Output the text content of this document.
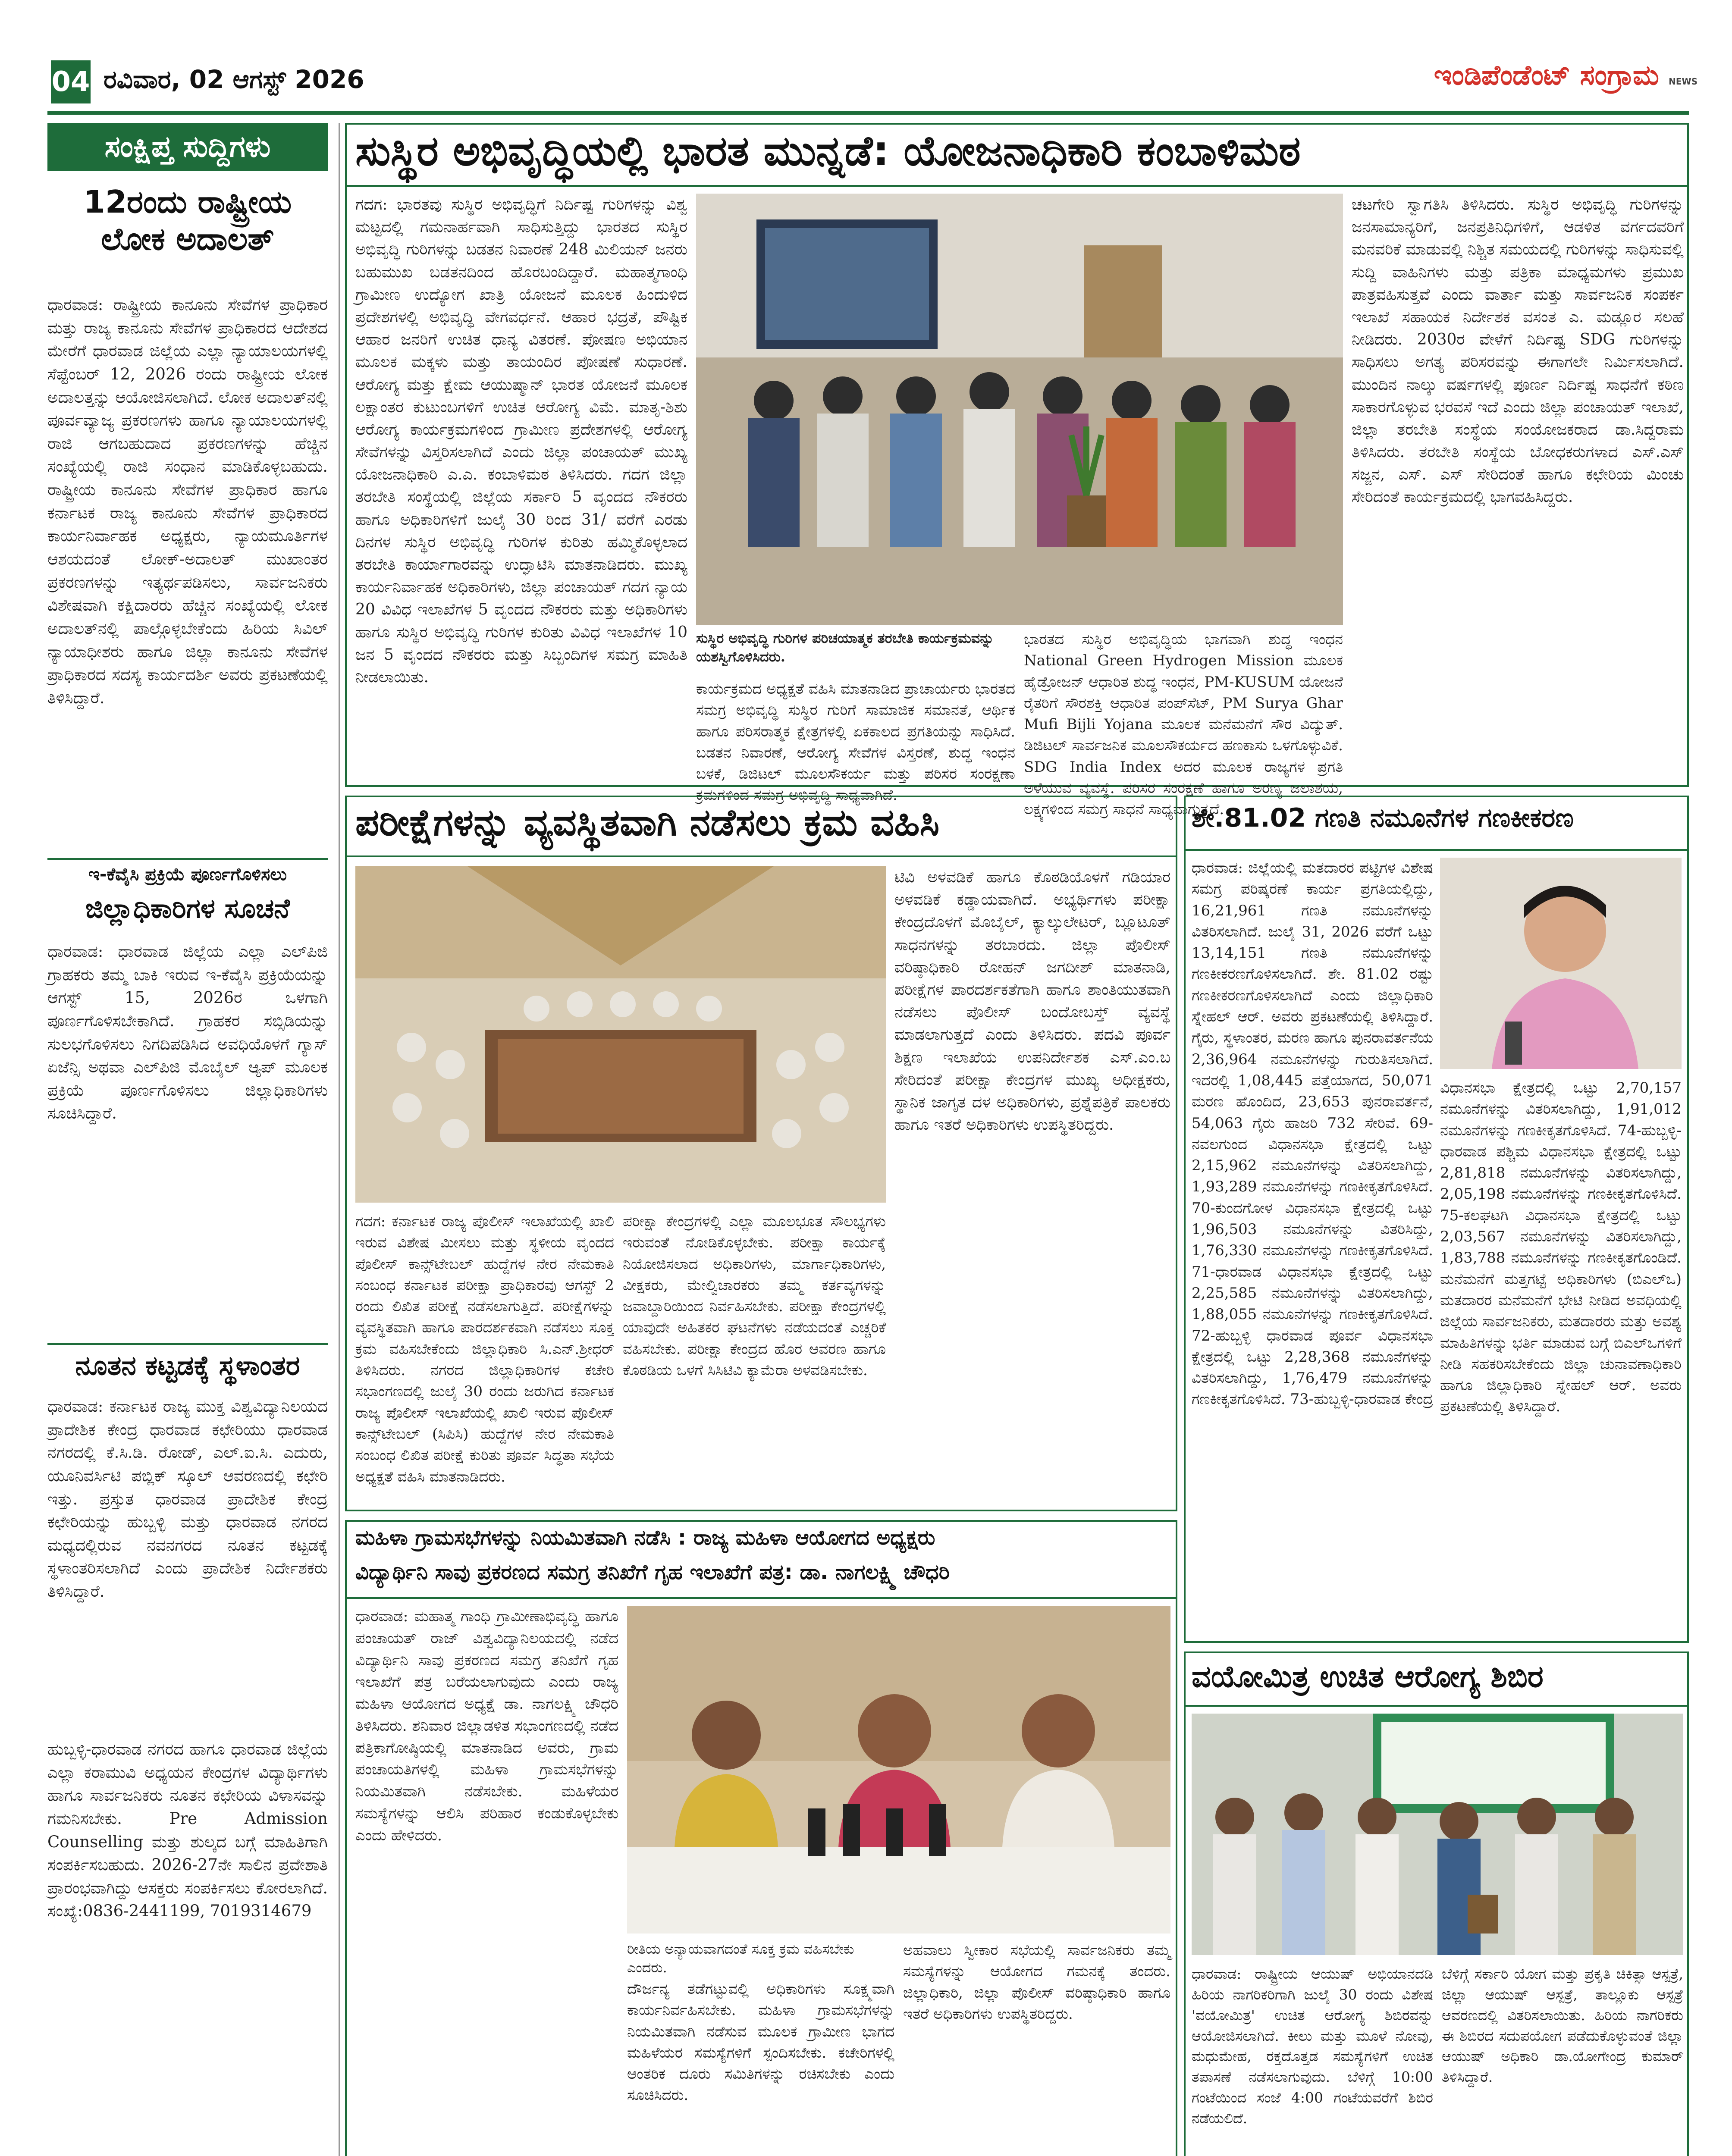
04 ರವಿವಾರ, 02 ಆಗಸ್ಟ್ 2026	ಇಂಡಿಪೆಂಡೆಂಟ್ ಸಂಗ್ರಾಮ NEWS
ಸಂಕ್ಷಿಪ್ತ ಸುದ್ದಿಗಳು
12ರಂದು ರಾಷ್ಟ್ರೀಯ ಲೋಕ ಅದಾಲತ್
ಧಾರವಾಡ: ರಾಷ್ಟ್ರೀಯ ಕಾನೂನು ಸೇವೆಗಳ ಪ್ರಾಧಿಕಾರ ಮತ್ತು ರಾಜ್ಯ ಕಾನೂನು ಸೇವೆಗಳ ಪ್ರಾಧಿಕಾರದ ಆದೇಶದ ಮೇರೆಗೆ ಧಾರವಾಡ ಜಿಲ್ಲೆಯ ಎಲ್ಲಾ ನ್ಯಾಯಾಲಯಗಳಲ್ಲಿ ಸೆಪ್ಟೆಂಬರ್ 12, 2026 ರಂದು ರಾಷ್ಟ್ರೀಯ ಲೋಕ ಅದಾಲತ್ತನ್ನು ಆಯೋಜಿಸಲಾಗಿದೆ. ಲೋಕ ಅದಾಲತ್‌ನಲ್ಲಿ ಪೂರ್ವವ್ಯಾಜ್ಯ ಪ್ರಕರಣಗಳು ಹಾಗೂ ನ್ಯಾಯಾಲಯಗಳಲ್ಲಿ ರಾಜಿ ಆಗಬಹುದಾದ ಪ್ರಕರಣಗಳನ್ನು ಹೆಚ್ಚಿನ ಸಂಖ್ಯೆಯಲ್ಲಿ ರಾಜಿ ಸಂಧಾನ ಮಾಡಿಕೊಳ್ಳಬಹುದು. ರಾಷ್ಟ್ರೀಯ ಕಾನೂನು ಸೇವೆಗಳ ಪ್ರಾಧಿಕಾರ ಹಾಗೂ ಕರ್ನಾಟಕ ರಾಜ್ಯ ಕಾನೂನು ಸೇವೆಗಳ ಪ್ರಾಧಿಕಾರದ ಕಾರ್ಯನಿರ್ವಾಹಕ ಅಧ್ಯಕ್ಷರು, ನ್ಯಾಯಮೂರ್ತಿಗಳ ಆಶಯದಂತೆ ಲೋಕ್-ಅದಾಲತ್ ಮುಖಾಂತರ ಪ್ರಕರಣಗಳನ್ನು ಇತ್ಯರ್ಥಪಡಿಸಲು, ಸಾರ್ವಜನಿಕರು ವಿಶೇಷವಾಗಿ ಕಕ್ಷಿದಾರರು ಹೆಚ್ಚಿನ ಸಂಖ್ಯೆಯಲ್ಲಿ ಲೋಕ ಅದಾಲತ್‌ನಲ್ಲಿ ಪಾಲ್ಗೊಳ್ಳಬೇಕೆಂದು ಹಿರಿಯ ಸಿವಿಲ್ ನ್ಯಾಯಾಧೀಶರು ಹಾಗೂ ಜಿಲ್ಲಾ ಕಾನೂನು ಸೇವೆಗಳ ಪ್ರಾಧಿಕಾರದ ಸದಸ್ಯ ಕಾರ್ಯದರ್ಶಿ ಅವರು ಪ್ರಕಟಣೆಯಲ್ಲಿ ತಿಳಿಸಿದ್ದಾರೆ.
ಇ-ಕೆವೈಸಿ ಪ್ರಕ್ರಿಯೆ ಪೂರ್ಣಗೊಳಿಸಲು
ಜಿಲ್ಲಾಧಿಕಾರಿಗಳ ಸೂಚನೆ
ಧಾರವಾಡ: ಧಾರವಾಡ ಜಿಲ್ಲೆಯ ಎಲ್ಲಾ ಎಲ್‌ಪಿಜಿ ಗ್ರಾಹಕರು ತಮ್ಮ ಬಾಕಿ ಇರುವ ಇ-ಕೆವೈಸಿ ಪ್ರಕ್ರಿಯೆಯನ್ನು ಆಗಸ್ಟ್ 15, 2026ರ ಒಳಗಾಗಿ ಪೂರ್ಣಗೊಳಿಸಬೇಕಾಗಿದೆ. ಗ್ರಾಹಕರ ಸಬ್ಸಿಡಿಯನ್ನು ಸುಲಭಗೊಳಿಸಲು ನಿಗದಿಪಡಿಸಿದ ಅವಧಿಯೊಳಗೆ ಗ್ಯಾಸ್ ಏಜೆನ್ಸಿ ಅಥವಾ ಎಲ್‌ಪಿಜಿ ಮೊಬೈಲ್ ಆ್ಯಪ್ ಮೂಲಕ ಪ್ರಕ್ರಿಯೆ ಪೂರ್ಣಗೊಳಿಸಲು ಜಿಲ್ಲಾಧಿಕಾರಿಗಳು ಸೂಚಿಸಿದ್ದಾರೆ.
ನೂತನ ಕಟ್ಟಡಕ್ಕೆ ಸ್ಥಳಾಂತರ
ಧಾರವಾಡ: ಕರ್ನಾಟಕ ರಾಜ್ಯ ಮುಕ್ತ ವಿಶ್ವವಿದ್ಯಾನಿಲಯದ ಪ್ರಾದೇಶಿಕ ಕೇಂದ್ರ ಧಾರವಾಡ ಕಛೇರಿಯು ಧಾರವಾಡ ನಗರದಲ್ಲಿ ಕೆ.ಸಿ.ಡಿ. ರೋಡ್, ಎಲ್.ಐ.ಸಿ. ಎದುರು, ಯೂನಿವರ್ಸಿಟಿ ಪಬ್ಲಿಕ್ ಸ್ಕೂಲ್ ಆವರಣದಲ್ಲಿ ಕಛೇರಿ ಇತ್ತು. ಪ್ರಸ್ತುತ ಧಾರವಾಡ ಪ್ರಾದೇಶಿಕ ಕೇಂದ್ರ ಕಛೇರಿಯನ್ನು ಹುಬ್ಬಳ್ಳಿ ಮತ್ತು ಧಾರವಾಡ ನಗರದ ಮಧ್ಯದಲ್ಲಿರುವ ನವನಗರದ ನೂತನ ಕಟ್ಟಡಕ್ಕೆ ಸ್ಥಳಾಂತರಿಸಲಾಗಿದೆ ಎಂದು ಪ್ರಾದೇಶಿಕ ನಿರ್ದೇಶಕರು ತಿಳಿಸಿದ್ದಾರೆ.
ಹುಬ್ಬಳ್ಳಿ-ಧಾರವಾಡ ನಗರದ ಹಾಗೂ ಧಾರವಾಡ ಜಿಲ್ಲೆಯ ಎಲ್ಲಾ ಕರಾಮುವಿ ಅಧ್ಯಯನ ಕೇಂದ್ರಗಳ ವಿದ್ಯಾರ್ಥಿಗಳು ಹಾಗೂ ಸಾರ್ವಜನಿಕರು ನೂತನ ಕಛೇರಿಯ ವಿಳಾಸವನ್ನು ಗಮನಿಸಬೇಕು. Pre Admission Counselling ಮತ್ತು ಶುಲ್ಕದ ಬಗ್ಗೆ ಮಾಹಿತಿಗಾಗಿ ಸಂಪರ್ಕಿಸಬಹುದು. 2026-27ನೇ ಸಾಲಿನ ಪ್ರವೇಶಾತಿ ಪ್ರಾರಂಭವಾಗಿದ್ದು ಆಸಕ್ತರು ಸಂಪರ್ಕಿಸಲು ಕೋರಲಾಗಿದೆ. ಸಂಖ್ಯೆ:0836-2441199, 7019314679
ಸುಸ್ಥಿರ ಅಭಿವೃದ್ಧಿಯಲ್ಲಿ ಭಾರತ ಮುನ್ನಡೆ: ಯೋಜನಾಧಿಕಾರಿ ಕಂಬಾಳಿಮಠ
ಗದಗ: ಭಾರತವು ಸುಸ್ಥಿರ ಅಭಿವೃದ್ಧಿಗೆ ನಿರ್ದಿಷ್ಟ ಗುರಿಗಳನ್ನು ವಿಶ್ವ ಮಟ್ಟದಲ್ಲಿ ಗಮನಾರ್ಹವಾಗಿ ಸಾಧಿಸುತ್ತಿದ್ದು ಭಾರತದ ಸುಸ್ಥಿರ ಅಭಿವೃದ್ಧಿ ಗುರಿಗಳನ್ನು ಬಡತನ ನಿವಾರಣೆ 248 ಮಿಲಿಯನ್ ಜನರು ಬಹುಮುಖ ಬಡತನದಿಂದ ಹೊರಬಂದಿದ್ದಾರೆ. ಮಹಾತ್ಮಗಾಂಧಿ ಗ್ರಾಮೀಣ ಉದ್ಯೋಗ ಖಾತ್ರಿ ಯೋಜನೆ ಮೂಲಕ ಹಿಂದುಳಿದ ಪ್ರದೇಶಗಳಲ್ಲಿ ಅಭಿವೃದ್ಧಿ ವೇಗವರ್ಧನೆ. ಆಹಾರ ಭದ್ರತೆ, ಪೌಷ್ಟಿಕ ಆಹಾರ ಜನರಿಗೆ ಉಚಿತ ಧಾನ್ಯ ವಿತರಣೆ. ಪೋಷಣ ಅಭಿಯಾನ ಮೂಲಕ ಮಕ್ಕಳು ಮತ್ತು ತಾಯಂದಿರ ಪೋಷಣೆ ಸುಧಾರಣೆ. ಆರೋಗ್ಯ ಮತ್ತು ಕ್ಷೇಮ ಆಯುಷ್ಮಾನ್ ಭಾರತ ಯೋಜನೆ ಮೂಲಕ ಲಕ್ಷಾಂತರ ಕುಟುಂಬಗಳಿಗೆ ಉಚಿತ ಆರೋಗ್ಯ ವಿಮೆ. ಮಾತೃ-ಶಿಶು ಆರೋಗ್ಯ ಕಾರ್ಯಕ್ರಮಗಳಿಂದ ಗ್ರಾಮೀಣ ಪ್ರದೇಶಗಳಲ್ಲಿ ಆರೋಗ್ಯ ಸೇವೆಗಳನ್ನು ವಿಸ್ತರಿಸಲಾಗಿದೆ ಎಂದು ಜಿಲ್ಲಾ ಪಂಚಾಯತ್ ಮುಖ್ಯ ಯೋಜನಾಧಿಕಾರಿ ಎ.ಎ. ಕಂಬಾಳಿಮಠ ತಿಳಿಸಿದರು. ಗದಗ ಜಿಲ್ಲಾ ತರಬೇತಿ ಸಂಸ್ಥೆಯಲ್ಲಿ ಜಿಲ್ಲೆಯ ಸರ್ಕಾರಿ 5 ವೃಂದದ ನೌಕರರು ಹಾಗೂ ಅಧಿಕಾರಿಗಳಿಗೆ ಜುಲೈ 30 ರಿಂದ 31/ ವರೆಗೆ ಎರಡು ದಿನಗಳ ಸುಸ್ಥಿರ ಅಭಿವೃದ್ಧಿ ಗುರಿಗಳ ಕುರಿತು ಹಮ್ಮಿಕೊಳ್ಳಲಾದ ತರಬೇತಿ ಕಾರ್ಯಾಗಾರವನ್ನು ಉದ್ಘಾಟಿಸಿ ಮಾತನಾಡಿದರು. ಮುಖ್ಯ ಕಾರ್ಯನಿರ್ವಾಹಕ ಅಧಿಕಾರಿಗಳು, ಜಿಲ್ಲಾ ಪಂಚಾಯತ್ ಗದಗ ನ್ಯಾಯ 20 ವಿವಿಧ ಇಲಾಖೆಗಳ 5 ವೃಂದದ ನೌಕರರು ಮತ್ತು ಅಧಿಕಾರಿಗಳು ಹಾಗೂ ಸುಸ್ಥಿರ ಅಭಿವೃದ್ಧಿ ಗುರಿಗಳ ಕುರಿತು ವಿವಿಧ ಇಲಾಖೆಗಳ 10 ಜನ 5 ವೃಂದದ ನೌಕರರು ಮತ್ತು ಸಿಬ್ಬಂದಿಗಳ ಸಮಗ್ರ ಮಾಹಿತಿ ನೀಡಲಾಯಿತು.
ಸುಸ್ಥಿರ ಅಭಿವೃದ್ಧಿ ಗುರಿಗಳ ಪರಿಚಯಾತ್ಮಕ ತರಬೇತಿ ಕಾರ್ಯಕ್ರಮವನ್ನು ಯಶಸ್ವಿಗೊಳಿಸಿದರು.
ಕಾರ್ಯಕ್ರಮದ ಅಧ್ಯಕ್ಷತೆ ವಹಿಸಿ ಮಾತನಾಡಿದ ಪ್ರಾಚಾರ್ಯರು ಭಾರತದ ಸಮಗ್ರ ಅಭಿವೃದ್ಧಿ ಸುಸ್ಥಿರ ಗುರಿಗೆ ಸಾಮಾಜಿಕ ಸಮಾನತೆ, ಆರ್ಥಿಕ ಹಾಗೂ ಪರಿಸರಾತ್ಮಕ ಕ್ಷೇತ್ರಗಳಲ್ಲಿ ಏಕಕಾಲದ ಪ್ರಗತಿಯನ್ನು ಸಾಧಿಸಿದೆ. ಬಡತನ ನಿವಾರಣೆ, ಆರೋಗ್ಯ ಸೇವೆಗಳ ವಿಸ್ತರಣೆ, ಶುದ್ಧ ಇಂಧನ ಬಳಕೆ, ಡಿಜಿಟಲ್ ಮೂಲಸೌಕರ್ಯ ಮತ್ತು ಪರಿಸರ ಸಂರಕ್ಷಣಾ ಕ್ರಮಗಳಿಂದ ಸಮಗ್ರ ಅಭಿವೃದ್ಧಿ ಸಾಧ್ಯವಾಗಿದೆ.
ಭಾರತದ ಸುಸ್ಥಿರ ಅಭಿವೃದ್ಧಿಯ ಭಾಗವಾಗಿ ಶುದ್ಧ ಇಂಧನ National Green Hydrogen Mission ಮೂಲಕ ಹೈಡ್ರೋಜನ್ ಆಧಾರಿತ ಶುದ್ಧ ಇಂಧನ, PM-KUSUM ಯೋಜನೆ ರೈತರಿಗೆ ಸೌರಶಕ್ತಿ ಆಧಾರಿತ ಪಂಪ್‌ಸೆಟ್, PM Surya Ghar Mufi Bijli Yojana ಮೂಲಕ ಮನೆಮನೆಗೆ ಸೌರ ವಿದ್ಯುತ್. ಡಿಜಿಟಲ್ ಸಾರ್ವಜನಿಕ ಮೂಲಸೌಕರ್ಯದ ಹಣಕಾಸು ಒಳಗೊಳ್ಳುವಿಕೆ. SDG India Index ಅದರ ಮೂಲಕ ರಾಜ್ಯಗಳ ಪ್ರಗತಿ ಅಳೆಯುವ ವ್ಯವಸ್ಥೆ. ಪರಿಸರ ಸಂರಕ್ಷಣೆ ಹಾಗೂ ಅರಣ್ಯ ಜಲಾಶಯ, ಲಕ್ಷ್ಯಗಳಿಂದ ಸಮಗ್ರ ಸಾಧನೆ ಸಾಧ್ಯವಾಗುತ್ತದೆ.
ಚಟಗೇರಿ ಸ್ವಾಗತಿಸಿ ತಿಳಿಸಿದರು. ಸುಸ್ಥಿರ ಅಭಿವೃದ್ಧಿ ಗುರಿಗಳನ್ನು ಜನಸಾಮಾನ್ಯರಿಗೆ, ಜನಪ್ರತಿನಿಧಿಗಳಿಗೆ, ಆಡಳಿತ ವರ್ಗದವರಿಗೆ ಮನವರಿಕೆ ಮಾಡುವಲ್ಲಿ ನಿಶ್ಚಿತ ಸಮಯದಲ್ಲಿ ಗುರಿಗಳನ್ನು ಸಾಧಿಸುವಲ್ಲಿ ಸುದ್ದಿ ವಾಹಿನಿಗಳು ಮತ್ತು ಪತ್ರಿಕಾ ಮಾಧ್ಯಮಗಳು ಪ್ರಮುಖ ಪಾತ್ರವಹಿಸುತ್ತವೆ ಎಂದು ವಾರ್ತಾ ಮತ್ತು ಸಾರ್ವಜನಿಕ ಸಂಪರ್ಕ ಇಲಾಖೆ ಸಹಾಯಕ ನಿರ್ದೇಶಕ ವಸಂತ ಎ. ಮಡ್ಲೂರ ಸಲಹೆ ನೀಡಿದರು. 2030ರ ವೇಳೆಗೆ ನಿರ್ದಿಷ್ಟ SDG ಗುರಿಗಳನ್ನು ಸಾಧಿಸಲು ಅಗತ್ಯ ಪರಿಸರವನ್ನು ಈಗಾಗಲೇ ನಿರ್ಮಿಸಲಾಗಿದೆ. ಮುಂದಿನ ನಾಲ್ಕು ವರ್ಷಗಳಲ್ಲಿ ಪೂರ್ಣ ನಿರ್ದಿಷ್ಟ ಸಾಧನೆಗೆ ಕಠಿಣ ಸಾಕಾರಗೊಳ್ಳುವ ಭರವಸೆ ಇದೆ ಎಂದು ಜಿಲ್ಲಾ ಪಂಚಾಯತ್ ಇಲಾಖೆ, ಜಿಲ್ಲಾ ತರಬೇತಿ ಸಂಸ್ಥೆಯ ಸಂಯೋಜಕರಾದ ಡಾ.ಸಿದ್ದರಾಮ ತಿಳಿಸಿದರು. ತರಬೇತಿ ಸಂಸ್ಥೆಯ ಬೋಧಕರುಗಳಾದ ಎಸ್.ಎಸ್ ಸಜ್ಜನ, ಎಸ್. ಎಸ್ ಸೇರಿದಂತೆ ಹಾಗೂ ಕಛೇರಿಯ ಮಿಂಚು ಸೇರಿದಂತೆ ಕಾರ್ಯಕ್ರಮದಲ್ಲಿ ಭಾಗವಹಿಸಿದ್ದರು.
ಪರೀಕ್ಷೆಗಳನ್ನು ವ್ಯವಸ್ಥಿತವಾಗಿ ನಡೆಸಲು ಕ್ರಮ ವಹಿಸಿ
ಗದಗ: ಕರ್ನಾಟಕ ರಾಜ್ಯ ಪೊಲೀಸ್ ಇಲಾಖೆಯಲ್ಲಿ ಖಾಲಿ ಇರುವ ವಿಶೇಷ ಮೀಸಲು ಮತ್ತು ಸ್ಥಳೀಯ ವೃಂದದ ಪೊಲೀಸ್ ಕಾನ್ಸ್‌ಟೇಬಲ್ ಹುದ್ದೆಗಳ ನೇರ ನೇಮಕಾತಿ ಸಂಬಂಧ ಕರ್ನಾಟಕ ಪರೀಕ್ಷಾ ಪ್ರಾಧಿಕಾರವು ಆಗಸ್ಟ್ 2 ರಂದು ಲಿಖಿತ ಪರೀಕ್ಷೆ ನಡೆಸಲಾಗುತ್ತಿದೆ. ಪರೀಕ್ಷೆಗಳನ್ನು ವ್ಯವಸ್ಥಿತವಾಗಿ ಹಾಗೂ ಪಾರದರ್ಶಕವಾಗಿ ನಡೆಸಲು ಸೂಕ್ತ ಕ್ರಮ ವಹಿಸಬೇಕೆಂದು ಜಿಲ್ಲಾಧಿಕಾರಿ ಸಿ.ಎನ್.ಶ್ರೀಧರ್ ತಿಳಿಸಿದರು. ನಗರದ ಜಿಲ್ಲಾಧಿಕಾರಿಗಳ ಕಚೇರಿ ಸಭಾಂಗಣದಲ್ಲಿ ಜುಲೈ 30 ರಂದು ಜರುಗಿದ ಕರ್ನಾಟಕ ರಾಜ್ಯ ಪೊಲೀಸ್ ಇಲಾಖೆಯಲ್ಲಿ ಖಾಲಿ ಇರುವ ಪೊಲೀಸ್ ಕಾನ್ಸ್‌ಟೇಬಲ್ (ಸಿಪಿಸಿ) ಹುದ್ದೆಗಳ ನೇರ ನೇಮಕಾತಿ ಸಂಬಂಧ ಲಿಖಿತ ಪರೀಕ್ಷೆ ಕುರಿತು ಪೂರ್ವ ಸಿದ್ಧತಾ ಸಭೆಯ ಅಧ್ಯಕ್ಷತೆ ವಹಿಸಿ ಮಾತನಾಡಿದರು.
ಪರೀಕ್ಷಾ ಕೇಂದ್ರಗಳಲ್ಲಿ ಎಲ್ಲಾ ಮೂಲಭೂತ ಸೌಲಭ್ಯಗಳು ಇರುವಂತೆ ನೋಡಿಕೊಳ್ಳಬೇಕು. ಪರೀಕ್ಷಾ ಕಾರ್ಯಕ್ಕೆ ನಿಯೋಜಿಸಲಾದ ಅಧಿಕಾರಿಗಳು, ಮಾರ್ಗಾಧಿಕಾರಿಗಳು, ವೀಕ್ಷಕರು, ಮೇಲ್ವಿಚಾರಕರು ತಮ್ಮ ಕರ್ತವ್ಯಗಳನ್ನು ಜವಾಬ್ದಾರಿಯಿಂದ ನಿರ್ವಹಿಸಬೇಕು. ಪರೀಕ್ಷಾ ಕೇಂದ್ರಗಳಲ್ಲಿ ಯಾವುದೇ ಅಹಿತಕರ ಘಟನೆಗಳು ನಡೆಯದಂತೆ ಎಚ್ಚರಿಕೆ ವಹಿಸಬೇಕು. ಪರೀಕ್ಷಾ ಕೇಂದ್ರದ ಹೊರ ಆವರಣ ಹಾಗೂ ಕೊಠಡಿಯ ಒಳಗೆ ಸಿಸಿಟಿವಿ ಕ್ಯಾಮೆರಾ ಅಳವಡಿಸಬೇಕು.
ಟಿವಿ ಅಳವಡಿಕೆ ಹಾಗೂ ಕೊಠಡಿಯೊಳಗೆ ಗಡಿಯಾರ ಅಳವಡಿಕೆ ಕಡ್ಡಾಯವಾಗಿದೆ. ಅಭ್ಯರ್ಥಿಗಳು ಪರೀಕ್ಷಾ ಕೇಂದ್ರದೊಳಗೆ ಮೊಬೈಲ್, ಕ್ಯಾಲ್ಕುಲೇಟರ್, ಬ್ಲೂಟೂತ್ ಸಾಧನಗಳನ್ನು ತರಬಾರದು. ಜಿಲ್ಲಾ ಪೊಲೀಸ್ ವರಿಷ್ಠಾಧಿಕಾರಿ ರೋಹನ್ ಜಗದೀಶ್ ಮಾತನಾಡಿ, ಪರೀಕ್ಷೆಗಳ ಪಾರದರ್ಶಕತೆಗಾಗಿ ಹಾಗೂ ಶಾಂತಿಯುತವಾಗಿ ನಡೆಸಲು ಪೊಲೀಸ್ ಬಂದೋಬಸ್ತ್ ವ್ಯವಸ್ಥೆ ಮಾಡಲಾಗುತ್ತದೆ ಎಂದು ತಿಳಿಸಿದರು. ಪದವಿ ಪೂರ್ವ ಶಿಕ್ಷಣ ಇಲಾಖೆಯ ಉಪನಿರ್ದೇಶಕ ಎಸ್.ಎಂ.ಬ ಸೇರಿದಂತೆ ಪರೀಕ್ಷಾ ಕೇಂದ್ರಗಳ ಮುಖ್ಯ ಅಧೀಕ್ಷಕರು, ಸ್ಥಾನಿಕ ಜಾಗೃತ ದಳ ಅಧಿಕಾರಿಗಳು, ಪ್ರಶ್ನೆಪತ್ರಿಕೆ ಪಾಲಕರು ಹಾಗೂ ಇತರೆ ಅಧಿಕಾರಿಗಳು ಉಪಸ್ಥಿತರಿದ್ದರು.
ಶೇ.81.02 ಗಣತಿ ನಮೂನೆಗಳ ಗಣಕೀಕರಣ
ಧಾರವಾಡ: ಜಿಲ್ಲೆಯಲ್ಲಿ ಮತದಾರರ ಪಟ್ಟಿಗಳ ವಿಶೇಷ ಸಮಗ್ರ ಪರಿಷ್ಕರಣೆ ಕಾರ್ಯ ಪ್ರಗತಿಯಲ್ಲಿದ್ದು, 16,21,961 ಗಣತಿ ನಮೂನೆಗಳನ್ನು ವಿತರಿಸಲಾಗಿದೆ. ಜುಲೈ 31, 2026 ವರೆಗೆ ಒಟ್ಟು 13,14,151 ಗಣತಿ ನಮೂನೆಗಳನ್ನು ಗಣಕೀಕರಣಗೊಳಿಸಲಾಗಿದೆ. ಶೇ. 81.02 ರಷ್ಟು ಗಣಕೀಕರಣಗೊಳಿಸಲಾಗಿದೆ ಎಂದು ಜಿಲ್ಲಾಧಿಕಾರಿ ಸ್ನೇಹಲ್ ಆರ್. ಅವರು ಪ್ರಕಟಣೆಯಲ್ಲಿ ತಿಳಿಸಿದ್ದಾರೆ. ಗೈರು, ಸ್ಥಳಾಂತರ, ಮರಣ ಹಾಗೂ ಪುನರಾವರ್ತನೆಯ 2,36,964 ನಮೂನೆಗಳನ್ನು ಗುರುತಿಸಲಾಗಿದೆ. ಇದರಲ್ಲಿ 1,08,445 ಪತ್ತೆಯಾಗದ, 50,071 ಮರಣ ಹೊಂದಿದ, 23,653 ಪುನರಾವರ್ತನೆ, 54,063 ಗೈರು ಹಾಜರಿ 732 ಸೇರಿವೆ. 69-ನವಲಗುಂದ ವಿಧಾನಸಭಾ ಕ್ಷೇತ್ರದಲ್ಲಿ ಒಟ್ಟು 2,15,962 ನಮೂನೆಗಳನ್ನು ವಿತರಿಸಲಾಗಿದ್ದು, 1,93,289 ನಮೂನೆಗಳನ್ನು ಗಣಕೀಕೃತಗೊಳಿಸಿದೆ. 70-ಕುಂದಗೋಳ ವಿಧಾನಸಭಾ ಕ್ಷೇತ್ರದಲ್ಲಿ ಒಟ್ಟು 1,96,503 ನಮೂನೆಗಳನ್ನು ವಿತರಿಸಿದ್ದು, 1,76,330 ನಮೂನೆಗಳನ್ನು ಗಣಕೀಕೃತಗೊಳಿಸಿದೆ. 71-ಧಾರವಾಡ ವಿಧಾನಸಭಾ ಕ್ಷೇತ್ರದಲ್ಲಿ ಒಟ್ಟು 2,25,585 ನಮೂನೆಗಳನ್ನು ವಿತರಿಸಲಾಗಿದ್ದು, 1,88,055 ನಮೂನೆಗಳನ್ನು ಗಣಕೀಕೃತಗೊಳಿಸಿದೆ. 72-ಹುಬ್ಬಳ್ಳಿ ಧಾರವಾಡ ಪೂರ್ವ ವಿಧಾನಸಭಾ ಕ್ಷೇತ್ರದಲ್ಲಿ ಒಟ್ಟು 2,28,368 ನಮೂನೆಗಳನ್ನು ವಿತರಿಸಲಾಗಿದ್ದು, 1,76,479 ನಮೂನೆಗಳನ್ನು ಗಣಕೀಕೃತಗೊಳಿಸಿದೆ. 73-ಹುಬ್ಬಳ್ಳಿ-ಧಾರವಾಡ ಕೇಂದ್ರ
ವಿಧಾನಸಭಾ ಕ್ಷೇತ್ರದಲ್ಲಿ ಒಟ್ಟು 2,70,157 ನಮೂನೆಗಳನ್ನು ವಿತರಿಸಲಾಗಿದ್ದು, 1,91,012 ನಮೂನೆಗಳನ್ನು ಗಣಕೀಕೃತಗೊಳಿಸಿದೆ. 74-ಹುಬ್ಬಳ್ಳಿ-ಧಾರವಾಡ ಪಶ್ಚಿಮ ವಿಧಾನಸಭಾ ಕ್ಷೇತ್ರದಲ್ಲಿ ಒಟ್ಟು 2,81,818 ನಮೂನೆಗಳನ್ನು ವಿತರಿಸಲಾಗಿದ್ದು, 2,05,198 ನಮೂನೆಗಳನ್ನು ಗಣಕೀಕೃತಗೊಳಿಸಿದೆ. 75-ಕಲಘಟಗಿ ವಿಧಾನಸಭಾ ಕ್ಷೇತ್ರದಲ್ಲಿ ಒಟ್ಟು 2,03,567 ನಮೂನೆಗಳನ್ನು ವಿತರಿಸಲಾಗಿದ್ದು, 1,83,788 ನಮೂನೆಗಳನ್ನು ಗಣಕೀಕೃತಗೊಂಡಿದೆ. ಮನೆಮನೆಗೆ ಮತ್ತಗಟ್ಟೆ ಅಧಿಕಾರಿಗಳು (ಬಿಎಲ್‌ಒ) ಮತದಾರರ ಮನೆಮನೆಗೆ ಭೇಟಿ ನೀಡಿದ ಅವಧಿಯಲ್ಲಿ ಜಿಲ್ಲೆಯ ಸಾರ್ವಜನಿಕರು, ಮತದಾರರು ಮತ್ತು ಅವಶ್ಯ ಮಾಹಿತಿಗಳನ್ನು ಭರ್ತಿ ಮಾಡುವ ಬಗ್ಗೆ ಬಿಎಲ್‌ಒಗಳಿಗೆ ನೀಡಿ ಸಹಕರಿಸಬೇಕೆಂದು ಜಿಲ್ಲಾ ಚುನಾವಣಾಧಿಕಾರಿ ಹಾಗೂ ಜಿಲ್ಲಾಧಿಕಾರಿ ಸ್ನೇಹಲ್ ಆರ್. ಅವರು ಪ್ರಕಟಣೆಯಲ್ಲಿ ತಿಳಿಸಿದ್ದಾರೆ.
ಮಹಿಳಾ ಗ್ರಾಮಸಭೆಗಳನ್ನು ನಿಯಮಿತವಾಗಿ ನಡೆಸಿ : ರಾಜ್ಯ ಮಹಿಳಾ ಆಯೋಗದ ಅಧ್ಯಕ್ಷರು
ವಿದ್ಯಾರ್ಥಿನಿ ಸಾವು ಪ್ರಕರಣದ ಸಮಗ್ರ ತನಿಖೆಗೆ ಗೃಹ ಇಲಾಖೆಗೆ ಪತ್ರ: ಡಾ. ನಾಗಲಕ್ಷ್ಮಿ ಚೌಧರಿ
ಧಾರವಾಡ: ಮಹಾತ್ಮ ಗಾಂಧಿ ಗ್ರಾಮೀಣಾಭಿವೃದ್ಧಿ ಹಾಗೂ ಪಂಚಾಯತ್ ರಾಜ್ ವಿಶ್ವವಿದ್ಯಾನಿಲಯದಲ್ಲಿ ನಡೆದ ವಿದ್ಯಾರ್ಥಿನಿ ಸಾವು ಪ್ರಕರಣದ ಸಮಗ್ರ ತನಿಖೆಗೆ ಗೃಹ ಇಲಾಖೆಗೆ ಪತ್ರ ಬರೆಯಲಾಗುವುದು ಎಂದು ರಾಜ್ಯ ಮಹಿಳಾ ಆಯೋಗದ ಅಧ್ಯಕ್ಷೆ ಡಾ. ನಾಗಲಕ್ಷ್ಮಿ ಚೌಧರಿ ತಿಳಿಸಿದರು. ಶನಿವಾರ ಜಿಲ್ಲಾಡಳಿತ ಸಭಾಂಗಣದಲ್ಲಿ ನಡೆದ ಪತ್ರಿಕಾಗೋಷ್ಠಿಯಲ್ಲಿ ಮಾತನಾಡಿದ ಅವರು, ಗ್ರಾಮ ಪಂಚಾಯತಿಗಳಲ್ಲಿ ಮಹಿಳಾ ಗ್ರಾಮಸಭೆಗಳನ್ನು ನಿಯಮಿತವಾಗಿ ನಡೆಸಬೇಕು. ಮಹಿಳೆಯರ ಸಮಸ್ಯೆಗಳನ್ನು ಆಲಿಸಿ ಪರಿಹಾರ ಕಂಡುಕೊಳ್ಳಬೇಕು ಎಂದು ಹೇಳಿದರು.
ರೀತಿಯ ಅನ್ಯಾಯವಾಗದಂತೆ ಸೂಕ್ತ ಕ್ರಮ ವಹಿಸಬೇಕು ಎಂದರು.
ದೌರ್ಜನ್ಯ ತಡೆಗಟ್ಟುವಲ್ಲಿ ಅಧಿಕಾರಿಗಳು ಸೂಕ್ಷ್ಮವಾಗಿ ಕಾರ್ಯನಿರ್ವಹಿಸಬೇಕು. ಮಹಿಳಾ ಗ್ರಾಮಸಭೆಗಳನ್ನು ನಿಯಮಿತವಾಗಿ ನಡೆಸುವ ಮೂಲಕ ಗ್ರಾಮೀಣ ಭಾಗದ ಮಹಿಳೆಯರ ಸಮಸ್ಯೆಗಳಿಗೆ ಸ್ಪಂದಿಸಬೇಕು. ಕಚೇರಿಗಳಲ್ಲಿ ಆಂತರಿಕ ದೂರು ಸಮಿತಿಗಳನ್ನು ರಚಿಸಬೇಕು ಎಂದು ಸೂಚಿಸಿದರು.
ಅಹವಾಲು ಸ್ವೀಕಾರ ಸಭೆಯಲ್ಲಿ ಸಾರ್ವಜನಿಕರು ತಮ್ಮ ಸಮಸ್ಯೆಗಳನ್ನು ಆಯೋಗದ ಗಮನಕ್ಕೆ ತಂದರು. ಜಿಲ್ಲಾಧಿಕಾರಿ, ಜಿಲ್ಲಾ ಪೊಲೀಸ್ ವರಿಷ್ಠಾಧಿಕಾರಿ ಹಾಗೂ ಇತರೆ ಅಧಿಕಾರಿಗಳು ಉಪಸ್ಥಿತರಿದ್ದರು.
ವಯೋಮಿತ್ರ ಉಚಿತ ಆರೋಗ್ಯ ಶಿಬಿರ
ಧಾರವಾಡ: ರಾಷ್ಟ್ರೀಯ ಆಯುಷ್ ಅಭಿಯಾನದಡಿ ಹಿರಿಯ ನಾಗರಿಕರಿಗಾಗಿ ಜುಲೈ 30 ರಂದು ವಿಶೇಷ 'ವಯೋಮಿತ್ರ' ಉಚಿತ ಆರೋಗ್ಯ ಶಿಬಿರವನ್ನು ಆಯೋಜಿಸಲಾಗಿದೆ. ಕೀಲು ಮತ್ತು ಮೂಳೆ ನೋವು, ಮಧುಮೇಹ, ರಕ್ತದೊತ್ತಡ ಸಮಸ್ಯೆಗಳಿಗೆ ಉಚಿತ ತಪಾಸಣೆ ನಡೆಸಲಾಗುವುದು. ಬೆಳಿಗ್ಗೆ 10:00 ಗಂಟೆಯಿಂದ ಸಂಜೆ 4:00 ಗಂಟೆಯವರೆಗೆ ಶಿಬಿರ ನಡೆಯಲಿದೆ.
ಬೆಳಿಗ್ಗೆ ಸರ್ಕಾರಿ ಯೋಗ ಮತ್ತು ಪ್ರಕೃತಿ ಚಿಕಿತ್ಸಾ ಆಸ್ಪತ್ರೆ, ಜಿಲ್ಲಾ ಆಯುಷ್ ಆಸ್ಪತ್ರೆ, ತಾಲ್ಲೂಕು ಆಸ್ಪತ್ರೆ ಆವರಣದಲ್ಲಿ ವಿತರಿಸಲಾಯಿತು. ಹಿರಿಯ ನಾಗರಿಕರು ಈ ಶಿಬಿರದ ಸದುಪಯೋಗ ಪಡೆದುಕೊಳ್ಳುವಂತೆ ಜಿಲ್ಲಾ ಆಯುಷ್ ಅಧಿಕಾರಿ ಡಾ.ಯೋಗೇಂದ್ರ ಕುಮಾರ್ ತಿಳಿಸಿದ್ದಾರೆ.
